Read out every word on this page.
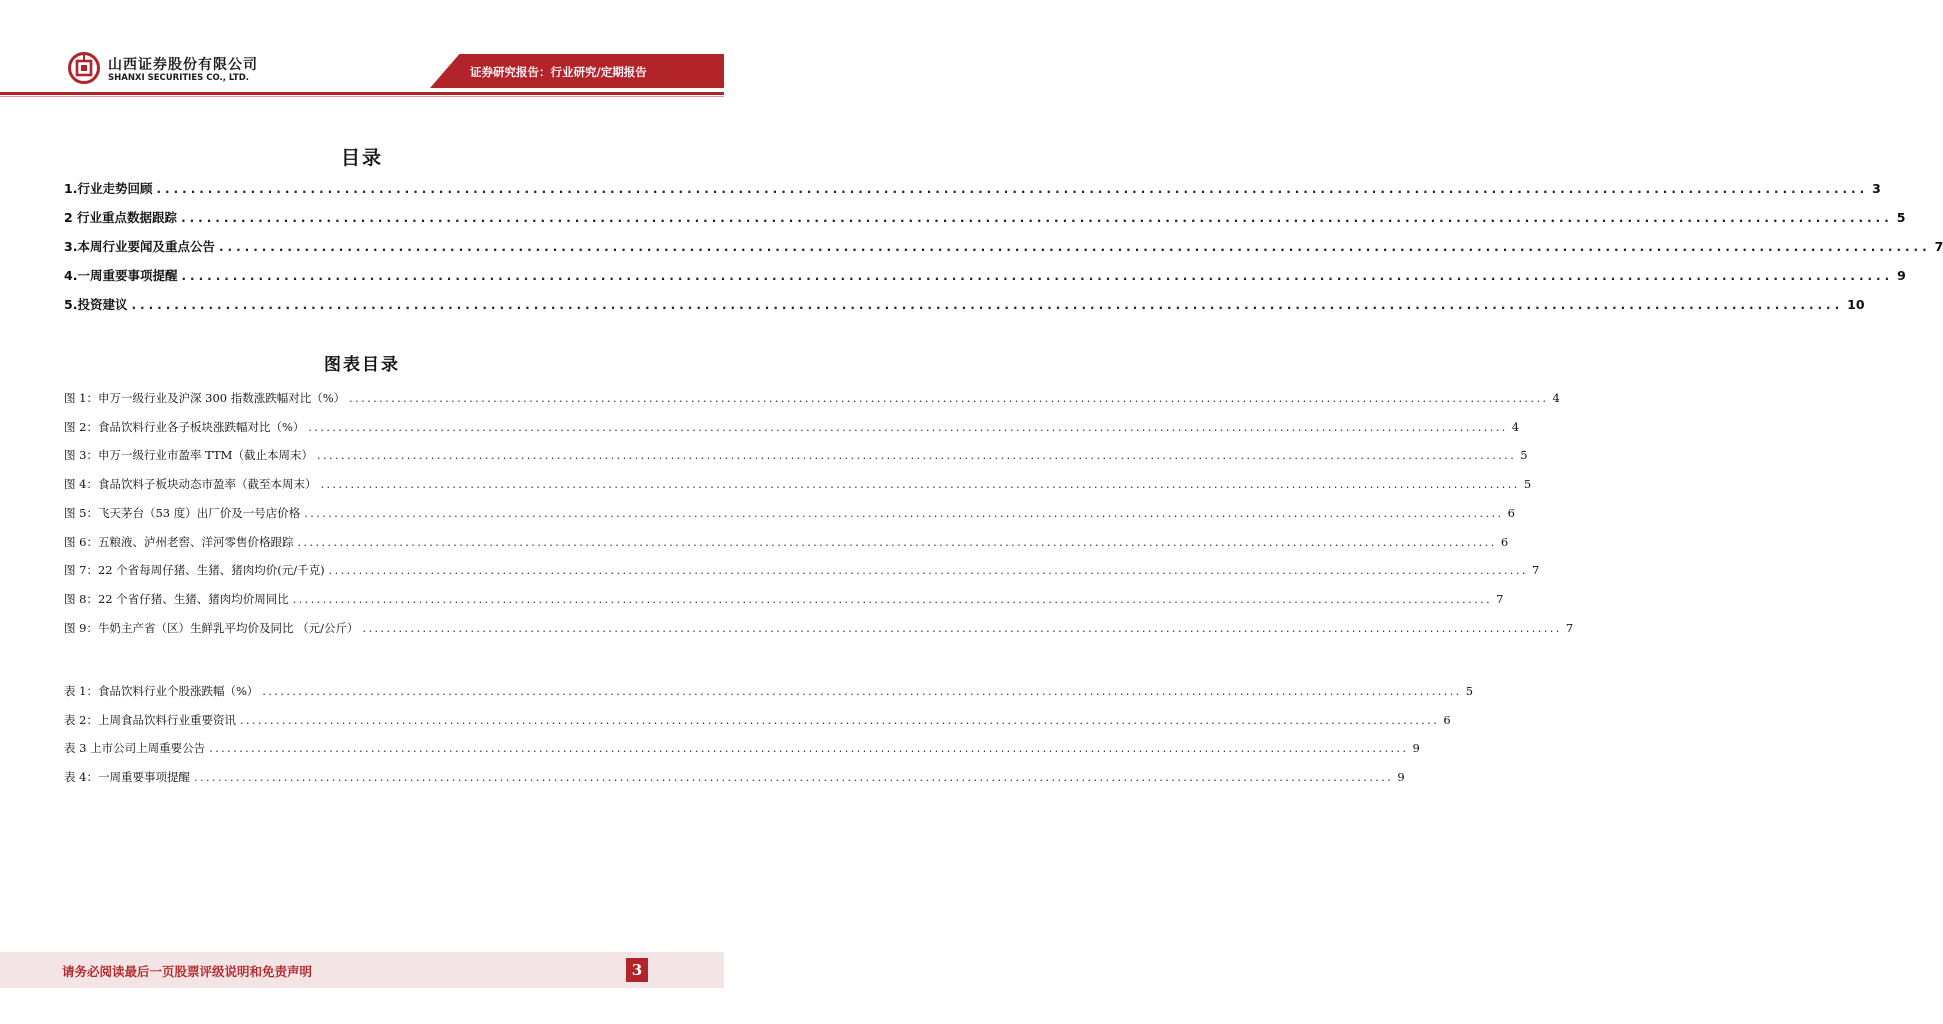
山西证券股份有限公司
SHANXI SECURITIES CO., LTD.	证券研究报告：行业研究/定期报告
目录
1.行业走势回顾 ........................................................................................................................................................................................................ 3
2 行业重点数据跟踪 ........................................................................................................................................................................................................ 5
3.本周行业要闻及重点公告 ........................................................................................................................................................................................................ 7
4.一周重要事项提醒 ........................................................................................................................................................................................................ 9
5.投资建议 ........................................................................................................................................................................................................ 10
图表目录
图 1：申万一级行业及沪深 300 指数涨跌幅对比（%） ........................................................................................................................................................................................................ 4
图 2：食品饮料行业各子板块涨跌幅对比（%） ........................................................................................................................................................................................................ 4
图 3：申万一级行业市盈率 TTM（截止本周末） ........................................................................................................................................................................................................ 5
图 4：食品饮料子板块动态市盈率（截至本周末） ........................................................................................................................................................................................................ 5
图 5：飞天茅台（53 度）出厂价及一号店价格 ........................................................................................................................................................................................................ 6
图 6：五粮液、泸州老窖、洋河零售价格跟踪 ........................................................................................................................................................................................................ 6
图 7：22 个省每周仔猪、生猪、猪肉均价(元/千克) ........................................................................................................................................................................................................ 7
图 8：22 个省仔猪、生猪、猪肉均价周同比 ........................................................................................................................................................................................................ 7
图 9：牛奶主产省（区）生鲜乳平均价及同比 （元/公斤） ........................................................................................................................................................................................................ 7
表 1：食品饮料行业个股涨跌幅（%） ........................................................................................................................................................................................................ 5
表 2：上周食品饮料行业重要资讯 ........................................................................................................................................................................................................ 6
表 3 上市公司上周重要公告 ........................................................................................................................................................................................................ 9
表 4：一周重要事项提醒 ........................................................................................................................................................................................................ 9
请务必阅读最后一页股票评级说明和免责声明	3
